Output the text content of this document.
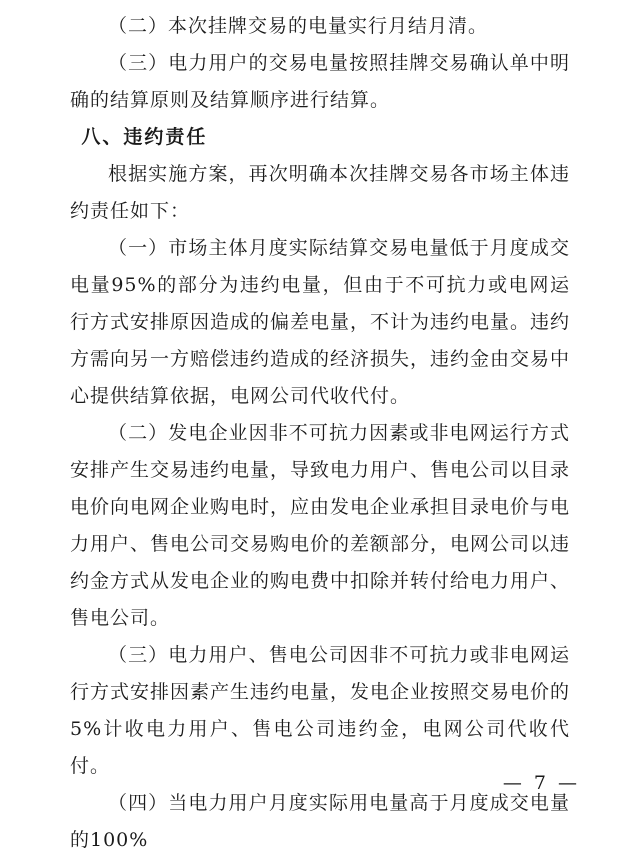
（二）本次挂牌交易的电量实行月结月清。

（三）电力用户的交易电量按照挂牌交易确认单中明确的结算原则及结算顺序进行结算。

八、违约责任

根据实施方案，再次明确本次挂牌交易各市场主体违约责任如下：

（一）市场主体月度实际结算交易电量低于月度成交电量95%的部分为违约电量，但由于不可抗力或电网运行方式安排原因造成的偏差电量，不计为违约电量。违约方需向另一方赔偿违约造成的经济损失，违约金由交易中心提供结算依据，电网公司代收代付。

（二）发电企业因非不可抗力因素或非电网运行方式安排产生交易违约电量，导致电力用户、售电公司以目录电价向电网企业购电时，应由发电企业承担目录电价与电力用户、售电公司交易购电价的差额部分，电网公司以违约金方式从发电企业的购电费中扣除并转付给电力用户、售电公司。

（三）电力用户、售电公司因非不可抗力或非电网运行方式安排因素产生违约电量，发电企业按照交易电价的5%计收电力用户、售电公司违约金，电网公司代收代付。

（四）当电力用户月度实际用电量高于月度成交电量的100%

— 7 —
